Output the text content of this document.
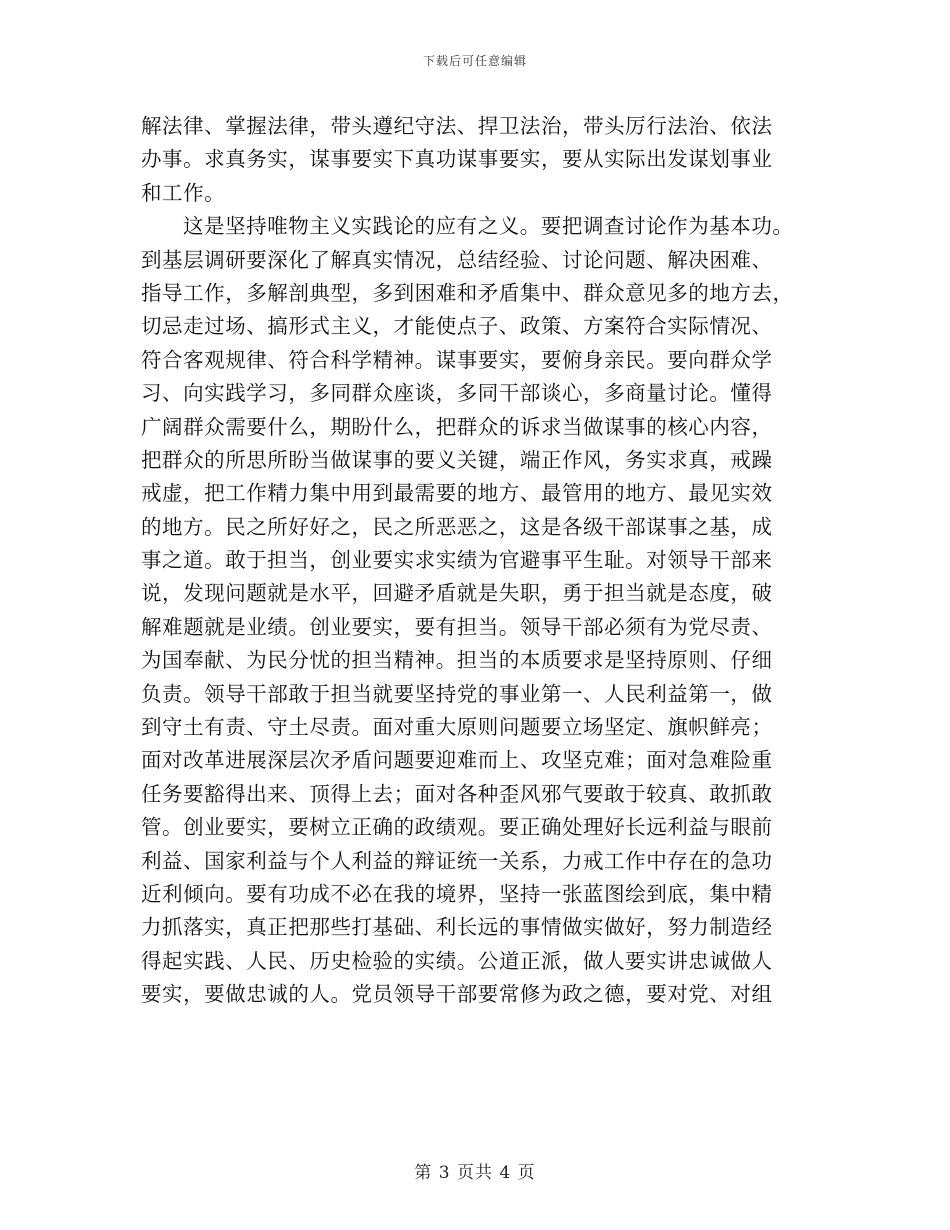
下载后可任意编辑
解法律、掌握法律，带头遵纪守法、捍卫法治，带头厉行法治、依法
办事。求真务实，谋事要实下真功谋事要实，要从实际出发谋划事业
和工作。
这是坚持唯物主义实践论的应有之义。要把调查讨论作为基本功。
到基层调研要深化了解真实情况，总结经验、讨论问题、解决困难、
指导工作，多解剖典型，多到困难和矛盾集中、群众意见多的地方去，
切忌走过场、搞形式主义，才能使点子、政策、方案符合实际情况、
符合客观规律、符合科学精神。谋事要实，要俯身亲民。要向群众学
习、向实践学习，多同群众座谈，多同干部谈心，多商量讨论。懂得
广阔群众需要什么，期盼什么，把群众的诉求当做谋事的核心内容，
把群众的所思所盼当做谋事的要义关键，端正作风，务实求真，戒躁
戒虚，把工作精力集中用到最需要的地方、最管用的地方、最见实效
的地方。民之所好好之，民之所恶恶之，这是各级干部谋事之基，成
事之道。敢于担当，创业要实求实绩为官避事平生耻。对领导干部来
说，发现问题就是水平，回避矛盾就是失职，勇于担当就是态度，破
解难题就是业绩。创业要实，要有担当。领导干部必须有为党尽责、
为国奉献、为民分忧的担当精神。担当的本质要求是坚持原则、仔细
负责。领导干部敢于担当就要坚持党的事业第一、人民利益第一，做
到守土有责、守土尽责。面对重大原则问题要立场坚定、旗帜鲜亮；
面对改革进展深层次矛盾问题要迎难而上、攻坚克难；面对急难险重
任务要豁得出来、顶得上去；面对各种歪风邪气要敢于较真、敢抓敢
管。创业要实，要树立正确的政绩观。要正确处理好长远利益与眼前
利益、国家利益与个人利益的辩证统一关系，力戒工作中存在的急功
近利倾向。要有功成不必在我的境界，坚持一张蓝图绘到底，集中精
力抓落实，真正把那些打基础、利长远的事情做实做好，努力制造经
得起实践、人民、历史检验的实绩。公道正派，做人要实讲忠诚做人
要实，要做忠诚的人。党员领导干部要常修为政之德，要对党、对组
第 3 页共 4 页
